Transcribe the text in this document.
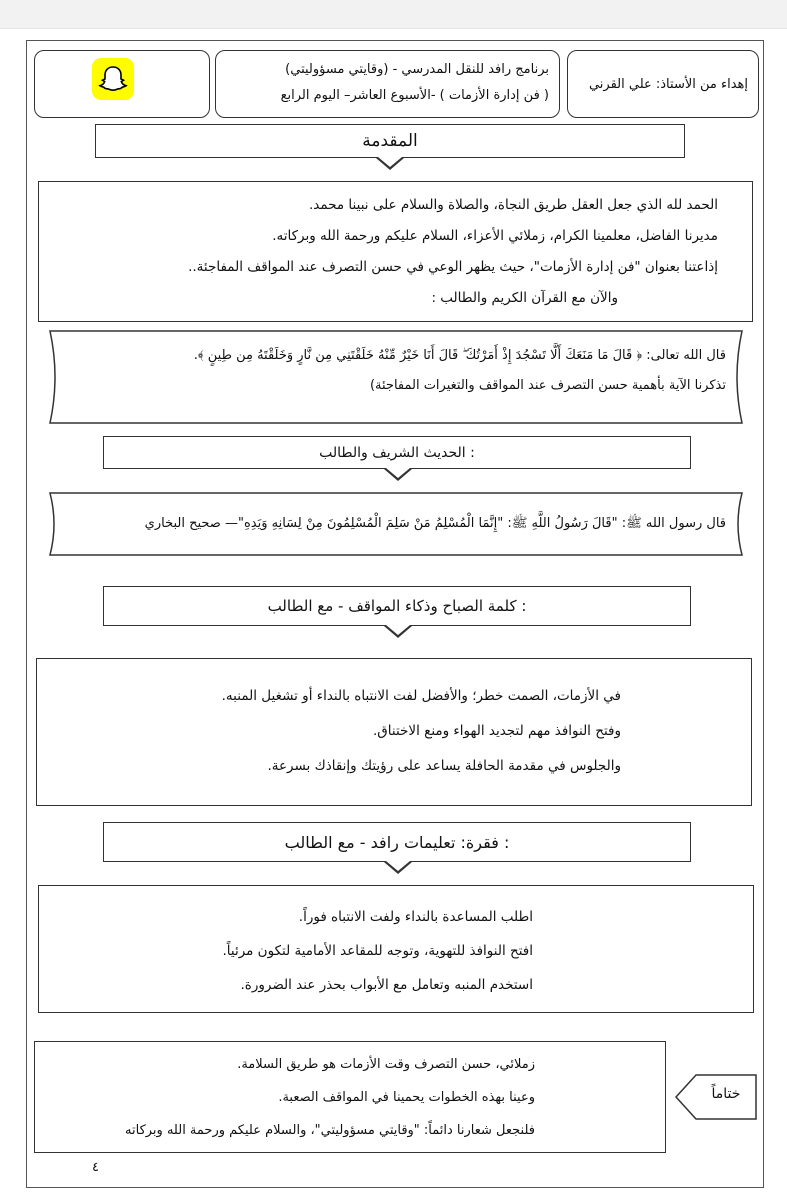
برنامج رافد للنقل المدرسي - (وقايتي مسؤوليتي)
( فن إدارة الأزمات ) -الأسبوع العاشر– اليوم الرابع
إهداء من الأستاذ: علي القرني
المقدمة
الحمد لله الذي جعل العقل طريق النجاة، والصلاة والسلام على نبينا محمد.
مديرنا الفاضل، معلمينا الكرام، زملائي الأعزاء، السلام عليكم ورحمة الله وبركاته.
إذاعتنا بعنوان "فن إدارة الأزمات"، حيث يظهر الوعي في حسن التصرف عند المواقف المفاجئة..
والآن مع القرآن الكريم والطالب :
قال الله تعالى: ﴿ قَالَ مَا مَنَعَكَ أَلَّا تَسْجُدَ إِذْ أَمَرْتُكَ ۖ قَالَ أَنَا خَيْرٌ مِّنْهُ خَلَقْتَنِي مِن نَّارٍ وَخَلَقْتَهُ مِن طِينٍ ﴾.
تذكرنا الآية بأهمية حسن التصرف عند المواقف والتغيرات المفاجئة)
الحديث الشريف والطالب :
قال رسول الله ﷺ: "قَالَ رَسُولُ اللَّهِ ﷺ: "إِنَّمَا الْمُسْلِمُ مَنْ سَلِمَ الْمُسْلِمُونَ مِنْ لِسَانِهِ وَيَدِهِ"— صحيح البخاري
كلمة الصباح وذكاء المواقف - مع الطالب :
في الأزمات، الصمت خطر؛ والأفضل لفت الانتباه بالنداء أو تشغيل المنبه.
وفتح النوافذ مهم لتجديد الهواء ومنع الاختناق.
والجلوس في مقدمة الحافلة يساعد على رؤيتك وإنقاذك بسرعة.
فقرة: تعليمات رافد - مع الطالب :
اطلب المساعدة بالنداء ولفت الانتباه فوراً.
افتح النوافذ للتهوية، وتوجه للمقاعد الأمامية لتكون مرئياً.
استخدم المنبه وتعامل مع الأبواب بحذر عند الضرورة.
زملائي، حسن التصرف وقت الأزمات هو طريق السلامة.
وعينا بهذه الخطوات يحمينا في المواقف الصعبة.
فلنجعل شعارنا دائماً: "وقايتي مسؤوليتي"، والسلام عليكم ورحمة الله وبركاته
ختاماً
٤
